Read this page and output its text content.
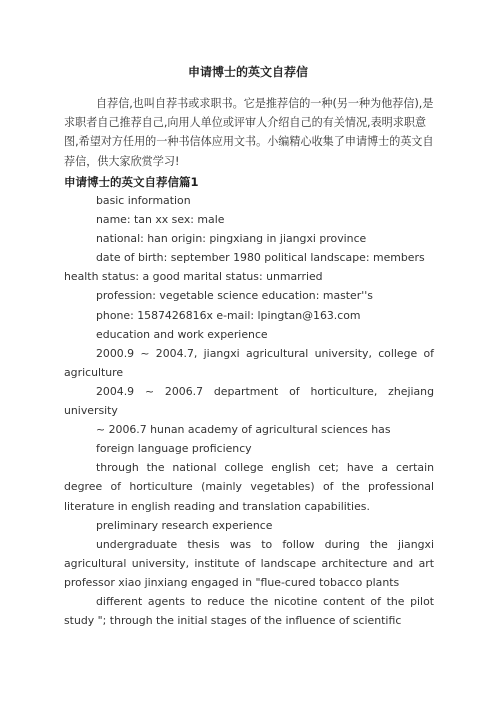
申请博士的英文自荐信
自荐信,也叫自荐书或求职书。它是推荐信的一种(另一种为他荐信),是求职者自己推荐自己,向用人单位或评审人介绍自己的有关情况,表明求职意图,希望对方任用的一种书信体应用文书。小编精心收集了申请博士的英文自荐信，供大家欣赏学习!
申请博士的英文自荐信篇1

basic information

name: tan xx sex: male

national: han origin: pingxiang in jiangxi province

date of birth: september 1980 political landscape: members health status: a good marital status: unmarried

profession: vegetable science education: master''s

phone: 1587426816x e-mail: lpingtan@163.com

education and work experience

2000.9 ~ 2004.7, jiangxi agricultural university, college of agriculture

2004.9 ~ 2006.7 department of horticulture, zhejiang university

~ 2006.7 hunan academy of agricultural sciences has

foreign language proficiency

through the national college english cet; have a certain degree of horticulture (mainly vegetables) of the professional literature in english reading and translation capabilities.

preliminary research experience

undergraduate thesis was to follow during the jiangxi agricultural university, institute of landscape architecture and art professor xiao jinxiang engaged in "flue-cured tobacco plants

different agents to reduce the nicotine content of the pilot study "; through the initial stages of the influence of scientific
